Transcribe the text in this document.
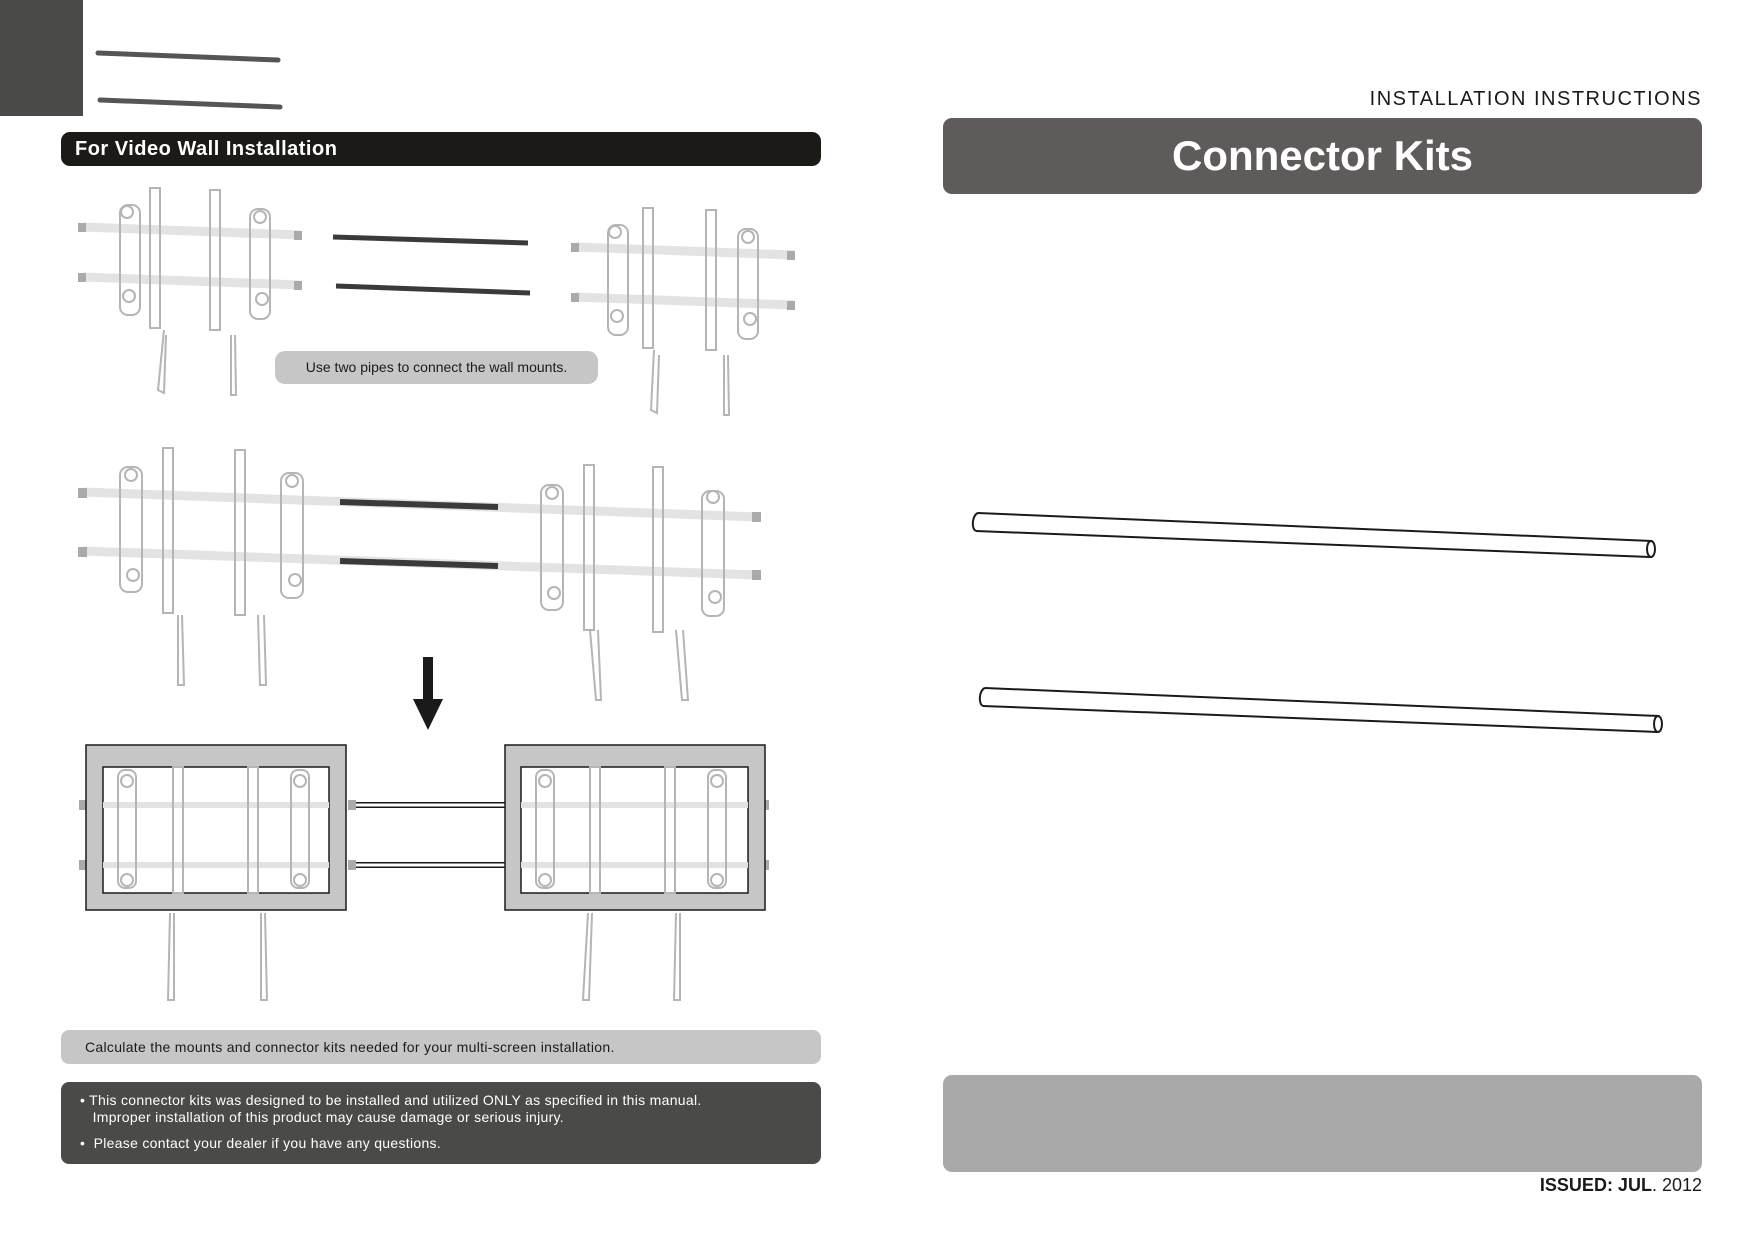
For Video Wall Installation
Use two pipes to connect the wall mounts.
Calculate the mounts and connector kits needed for your multi-screen installation.
• This connector kits was designed to be installed and utilized ONLY as specified in this manual.
Improper installation of this product may cause damage or serious injury.
•  Please contact your dealer if you have any questions.
INSTALLATION INSTRUCTIONS
Connector Kits
ISSUED: JUL. 2012
